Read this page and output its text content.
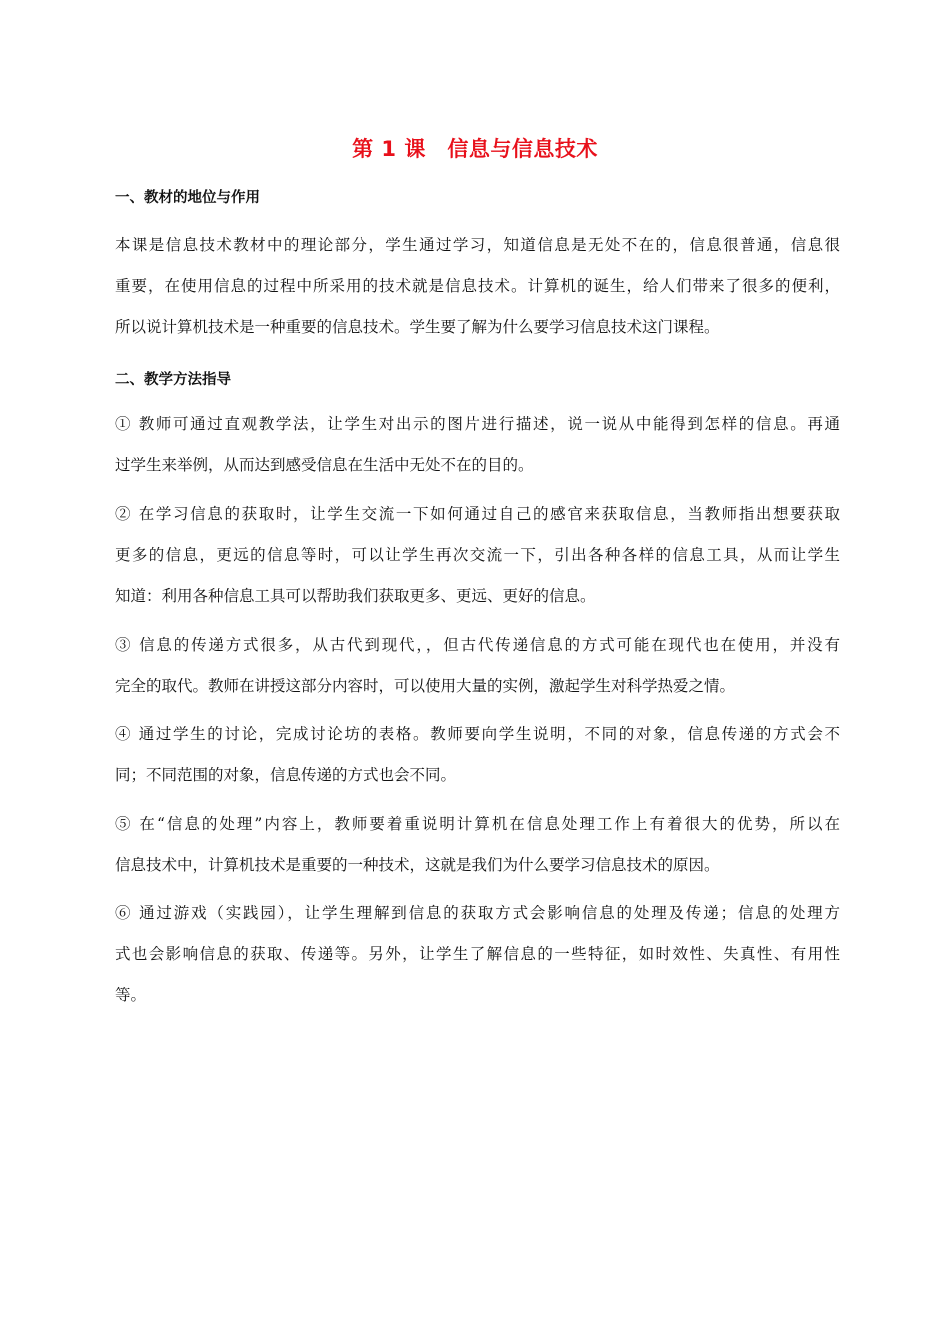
第 1 课　信息与信息技术
一、教材的地位与作用
本课是信息技术教材中的理论部分，学生通过学习，知道信息是无处不在的，信息很普通，信息很
重要，在使用信息的过程中所采用的技术就是信息技术。计算机的诞生，给人们带来了很多的便利，
所以说计算机技术是一种重要的信息技术。学生要了解为什么要学习信息技术这门课程。
二、教学方法指导
① 教师可通过直观教学法，让学生对出示的图片进行描述，说一说从中能得到怎样的信息。再通
过学生来举例，从而达到感受信息在生活中无处不在的目的。
② 在学习信息的获取时，让学生交流一下如何通过自己的感官来获取信息，当教师指出想要获取
更多的信息，更远的信息等时，可以让学生再次交流一下，引出各种各样的信息工具，从而让学生
知道：利用各种信息工具可以帮助我们获取更多、更远、更好的信息。
③ 信息的传递方式很多，从古代到现代，，但古代传递信息的方式可能在现代也在使用，并没有
完全的取代。教师在讲授这部分内容时，可以使用大量的实例，激起学生对科学热爱之情。
④ 通过学生的讨论，完成讨论坊的表格。教师要向学生说明，不同的对象，信息传递的方式会不
同；不同范围的对象，信息传递的方式也会不同。
⑤ 在“信息的处理”内容上，教师要着重说明计算机在信息处理工作上有着很大的优势，所以在
信息技术中，计算机技术是重要的一种技术，这就是我们为什么要学习信息技术的原因。
⑥ 通过游戏（实践园），让学生理解到信息的获取方式会影响信息的处理及传递；信息的处理方
式也会影响信息的获取、传递等。另外，让学生了解信息的一些特征，如时效性、失真性、有用性
等。
